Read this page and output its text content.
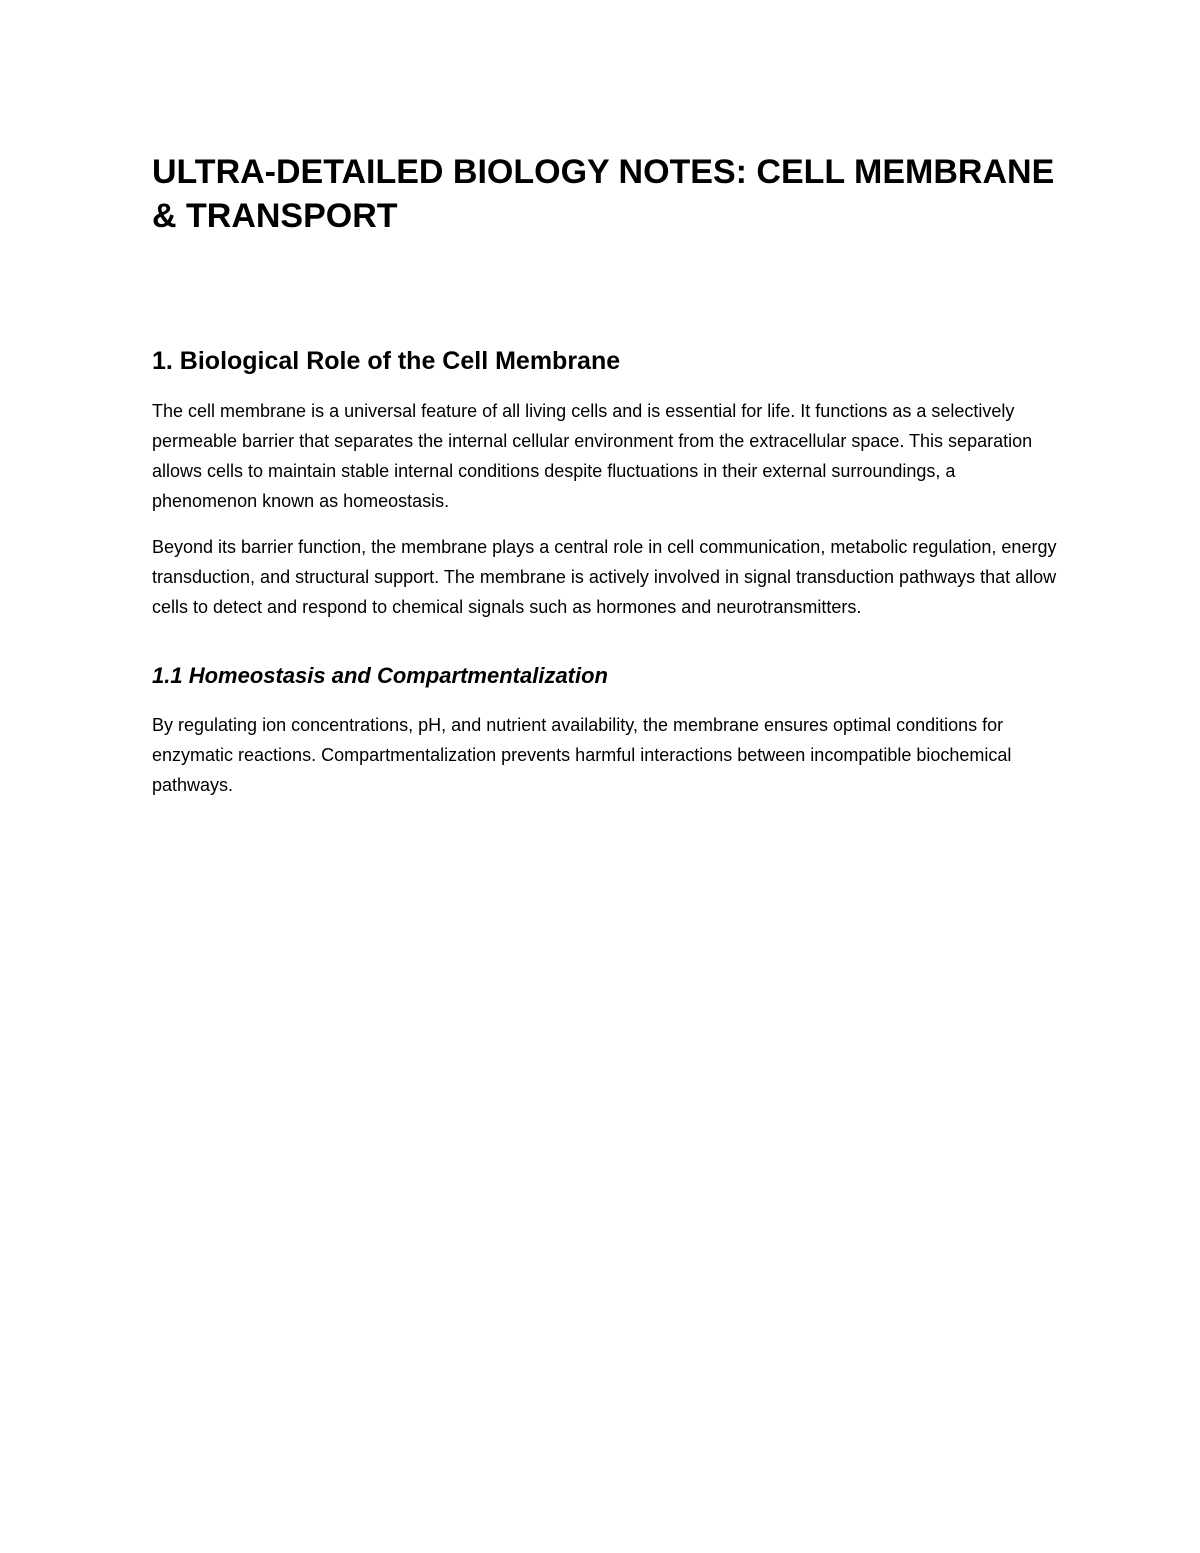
ULTRA-DETAILED BIOLOGY NOTES: CELL MEMBRANE & TRANSPORT
1. Biological Role of the Cell Membrane

The cell membrane is a universal feature of all living cells and is essential for life. It functions as a selectively permeable barrier that separates the internal cellular environment from the extracellular space. This separation allows cells to maintain stable internal conditions despite fluctuations in their external surroundings, a phenomenon known as homeostasis.

Beyond its barrier function, the membrane plays a central role in cell communication, metabolic regulation, energy transduction, and structural support. The membrane is actively involved in signal transduction pathways that allow cells to detect and respond to chemical signals such as hormones and neurotransmitters.

1.1 Homeostasis and Compartmentalization

By regulating ion concentrations, pH, and nutrient availability, the membrane ensures optimal conditions for enzymatic reactions. Compartmentalization prevents harmful interactions between incompatible biochemical pathways.
